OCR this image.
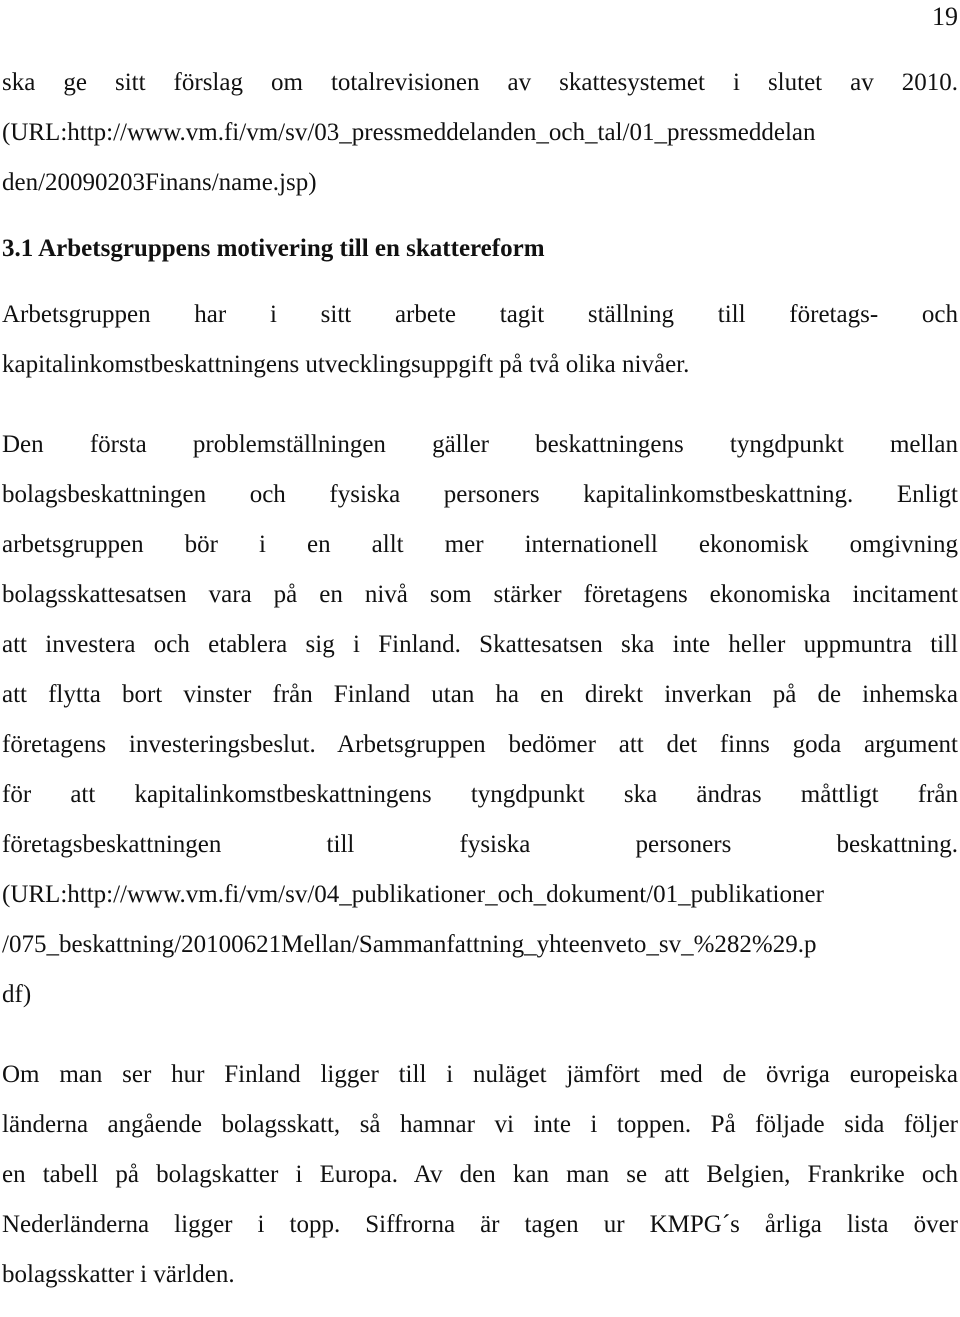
19

ska ge sitt förslag om totalrevisionen av skattesystemet i slutet av 2010.
(URL:http://www.vm.fi/vm/sv/03_pressmeddelanden_och_tal/01_pressmeddelan
den/20090203Finans/name.jsp)

3.1 Arbetsgruppens motivering till en skattereform

Arbetsgruppen har i sitt arbete tagit ställning till företags- och
kapitalinkomstbeskattningens utvecklingsuppgift på två olika nivåer.

Den första problemställningen gäller beskattningens tyngdpunkt mellan
bolagsbeskattningen och fysiska personers kapitalinkomstbeskattning. Enligt
arbetsgruppen bör i en allt mer internationell ekonomisk omgivning
bolagsskattesatsen vara på en nivå som stärker företagens ekonomiska incitament
att investera och etablera sig i Finland. Skattesatsen ska inte heller uppmuntra till
att flytta bort vinster från Finland utan ha en direkt inverkan på de inhemska
företagens investeringsbeslut. Arbetsgruppen bedömer att det finns goda argument
för att kapitalinkomstbeskattningens tyngdpunkt ska ändras måttligt från
företagsbeskattningen till fysiska personers beskattning.
(URL:http://www.vm.fi/vm/sv/04_publikationer_och_dokument/01_publikationer
/075_beskattning/20100621Mellan/Sammanfattning_yhteenveto_sv_%282%29.p
df)

Om man ser hur Finland ligger till i nuläget jämfört med de övriga europeiska
länderna angående bolagsskatt, så hamnar vi inte i toppen. På följade sida följer
en tabell på bolagskatter i Europa. Av den kan man se att Belgien, Frankrike och
Nederländerna ligger i topp. Siffrorna är tagen ur KMPG´s årliga lista över
bolagsskatter i världen.
